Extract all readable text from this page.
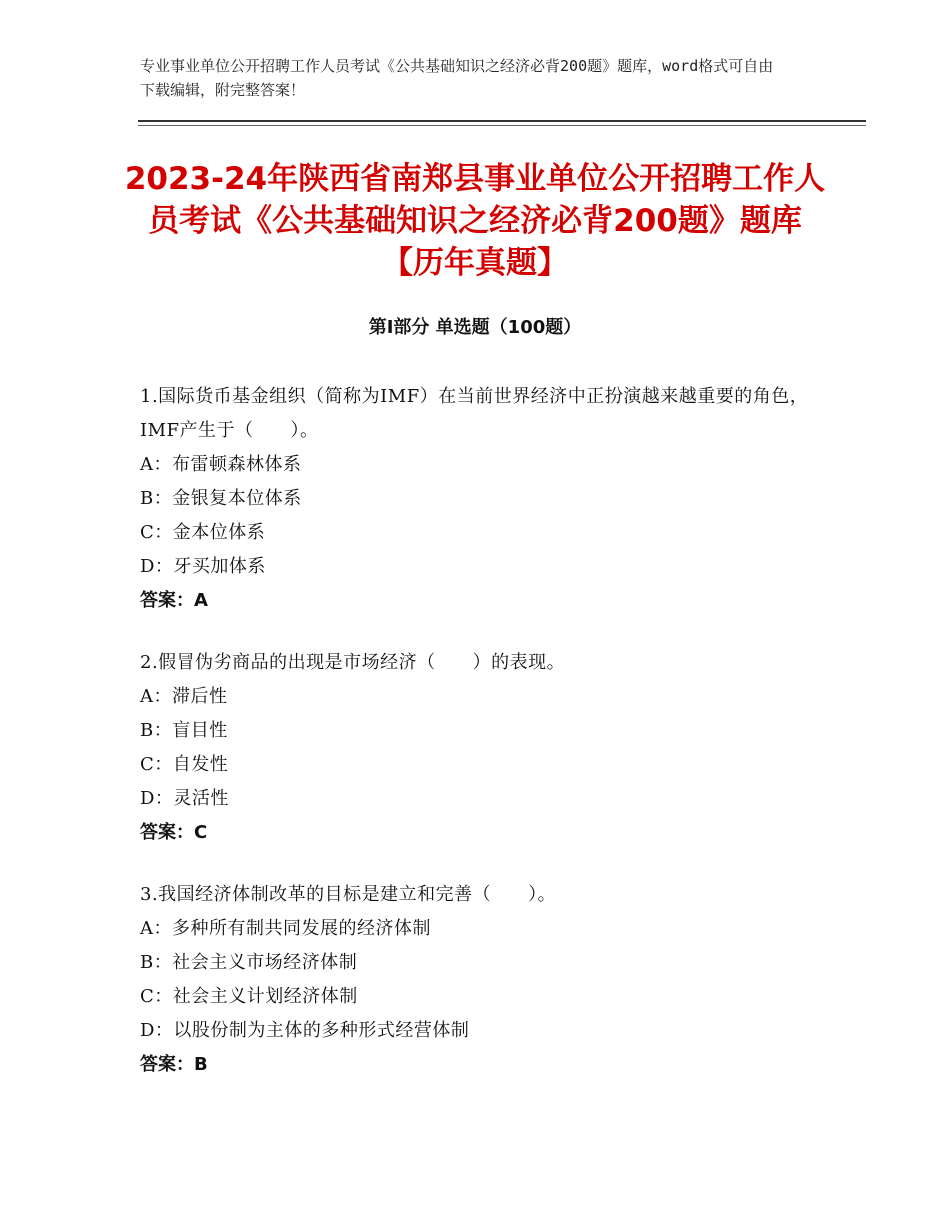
专业事业单位公开招聘工作人员考试《公共基础知识之经济必背200题》题库，word格式可自由下载编辑，附完整答案！
2023-24年陕西省南郑县事业单位公开招聘工作人员考试《公共基础知识之经济必背200题》题库【历年真题】
第Ⅰ部分 单选题（100题）
1.国际货币基金组织（简称为IMF）在当前世界经济中正扮演越来越重要的角色，IMF产生于（　　）。
A：布雷顿森林体系
B：金银复本位体系
C：金本位体系
D：牙买加体系
答案：A
2.假冒伪劣商品的出现是市场经济（　　）的表现。
A：滞后性
B：盲目性
C：自发性
D：灵活性
答案：C
3.我国经济体制改革的目标是建立和完善（　　）。
A：多种所有制共同发展的经济体制
B：社会主义市场经济体制
C：社会主义计划经济体制
D：以股份制为主体的多种形式经营体制
答案：B
